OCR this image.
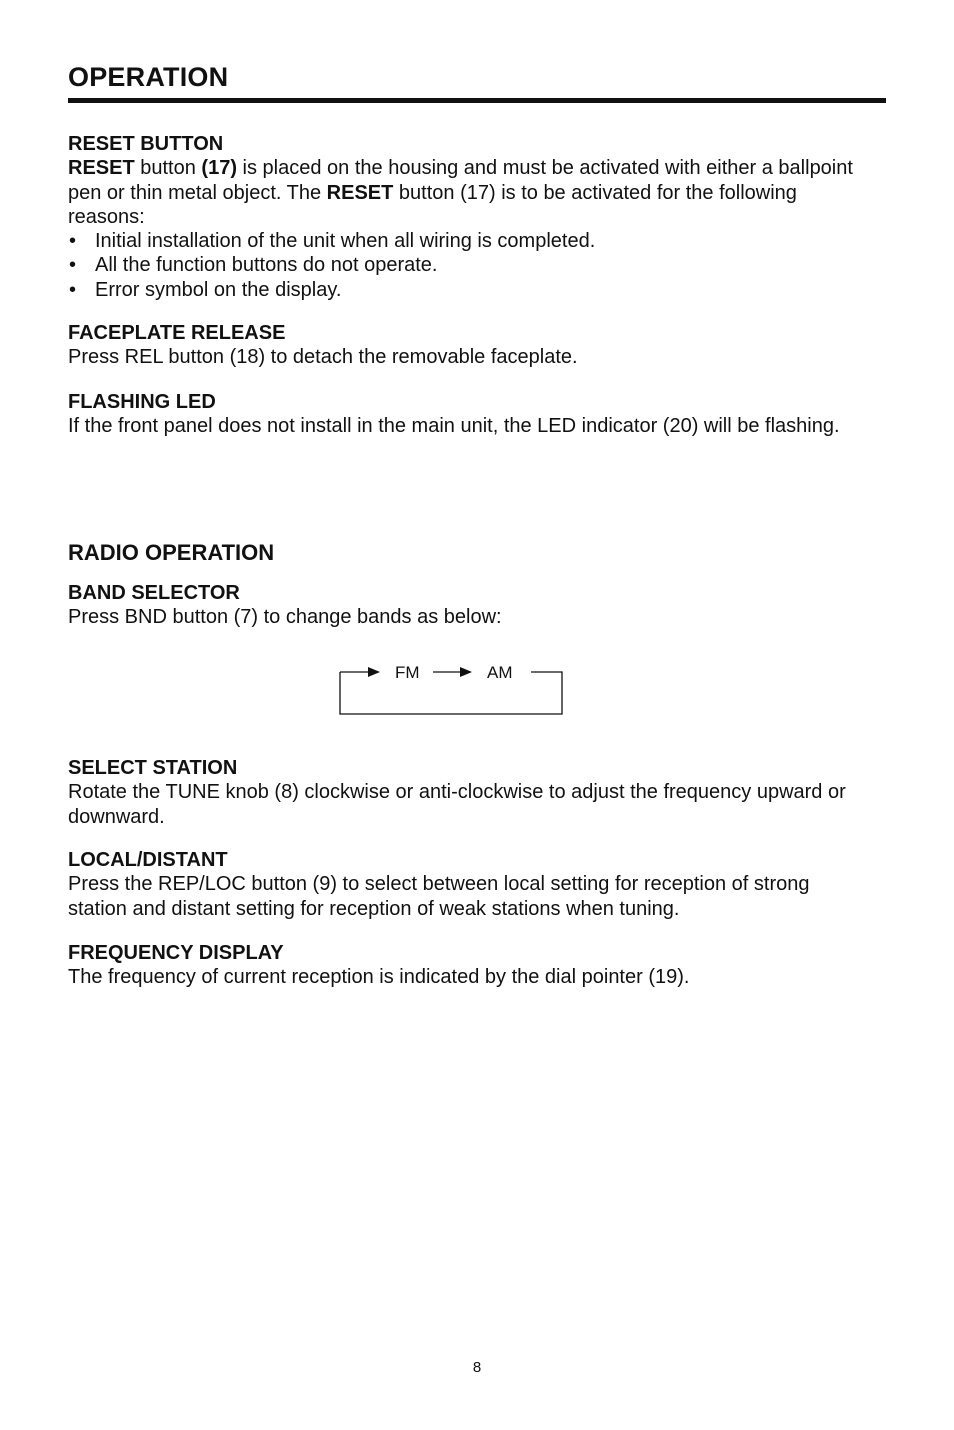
OPERATION
RESET BUTTON

RESET button (17) is placed on the housing and must be activated with either a ballpoint pen or thin metal object. The RESET button (17) is to be activated for the following reasons:

• Initial installation of the unit when all wiring is completed.
• All the function buttons do not operate.
• Error symbol on the display.
FACEPLATE RELEASE

Press REL button (18) to detach the removable faceplate.

FLASHING LED

If the front panel does not install in the main unit, the LED indicator (20) will be flashing.

RADIO OPERATION
BAND SELECTOR

Press BND button (7) to change bands as below:

FM	AM
SELECT STATION

Rotate the TUNE knob (8) clockwise or anti-clockwise to adjust the frequency upward or downward.

LOCAL/DISTANT

Press the REP/LOC button (9) to select between local setting for reception of strong station and distant setting for reception of weak stations when tuning.

FREQUENCY DISPLAY

The frequency of current reception is indicated by the dial pointer (19).

8
